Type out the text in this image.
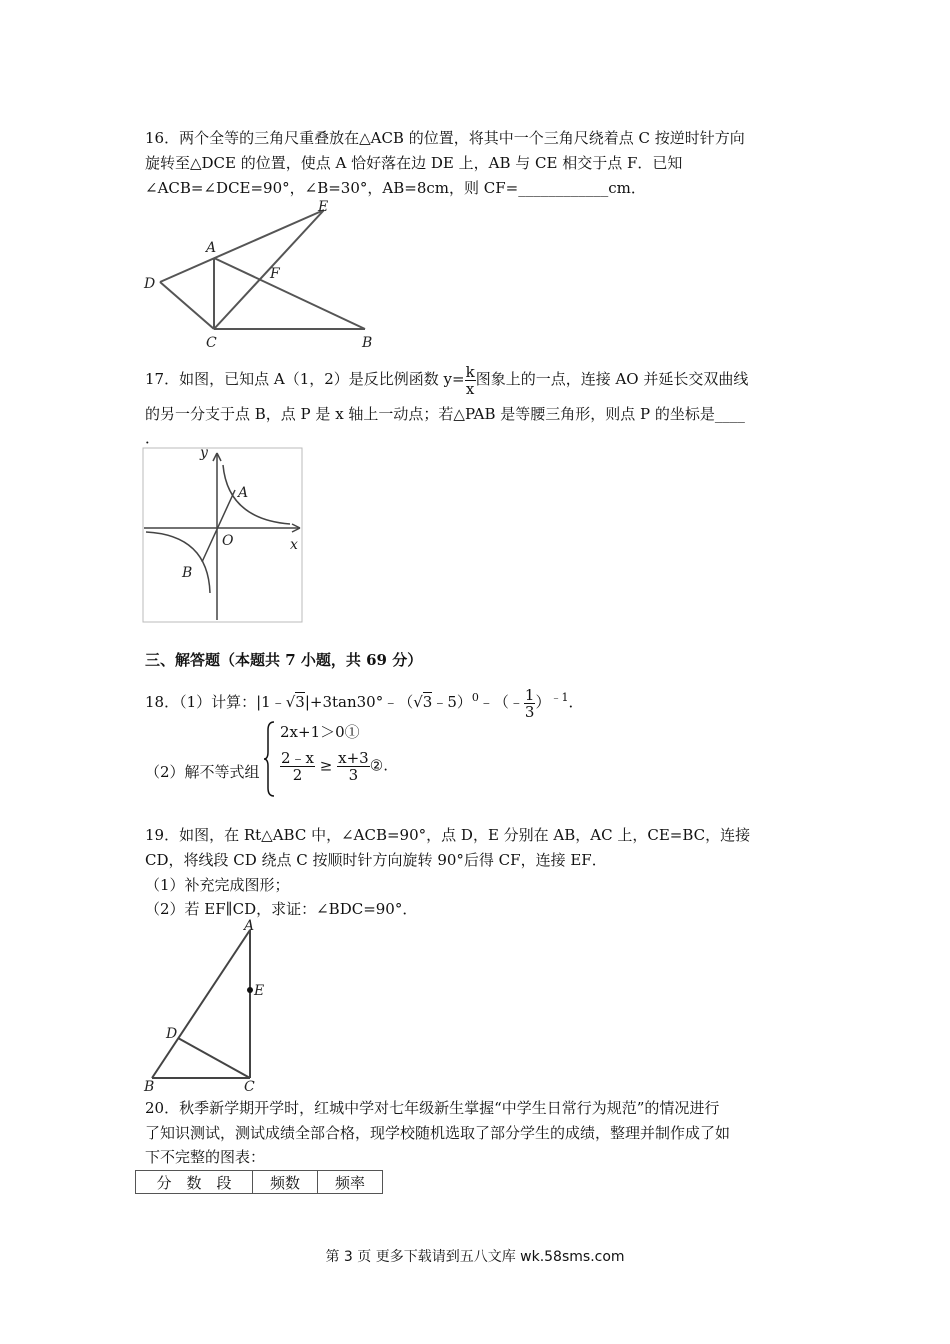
16．两个全等的三角尺重叠放在△ACB 的位置，将其中一个三角尺绕着点 C 按逆时针方向
旋转至△DCE 的位置，使点 A 恰好落在边 DE 上，AB 与 CE 相交于点 F．已知
∠ACB=∠DCE=90°，∠B=30°，AB=8cm，则 CF=____________cm．
E
A
F
D
C	B
17．如图，已知点 A（1，2）是反比例函数 $y= \frac{k}{x}$ 图象上的一点，连接 AO 并延长交双曲线
的另一分支于点 B，点 P 是 x 轴上一动点；若△PAB 是等腰三角形，则点 P 的坐标是____
．
y
A
O	x
B
三、解答题（本题共 7 小题，共 69 分）
18．（1）计算：|1﹣√3|+3tan30°﹣（√3﹣5）$^0$﹣（﹣ $\frac{1}{3} )^{﹣1}$．
（2）解不等式组
2x+1＞0①
$\frac{2﹣x}{2} \ge \frac{x+3}{3}$ ②.
19．如图，在 Rt△ABC 中，∠ACB=90°，点 D，E 分别在 AB，AC 上，CE=BC，连接
CD，将线段 CD 绕点 C 按顺时针方向旋转 90°后得 CF，连接 EF．
（1）补充完成图形；
（2）若 EF∥CD，求证：∠BDC=90°．
A
E
D
B	C
20．秋季新学期开学时，红城中学对七年级新生掌握“中学生日常行为规范”的情况进行
了知识测试，测试成绩全部合格，现学校随机选取了部分学生的成绩，整理并制作成了如
下不完整的图表：
分　数　段	频数	频率
第 3 页 更多下载请到五八文库 wk.58sms.com
